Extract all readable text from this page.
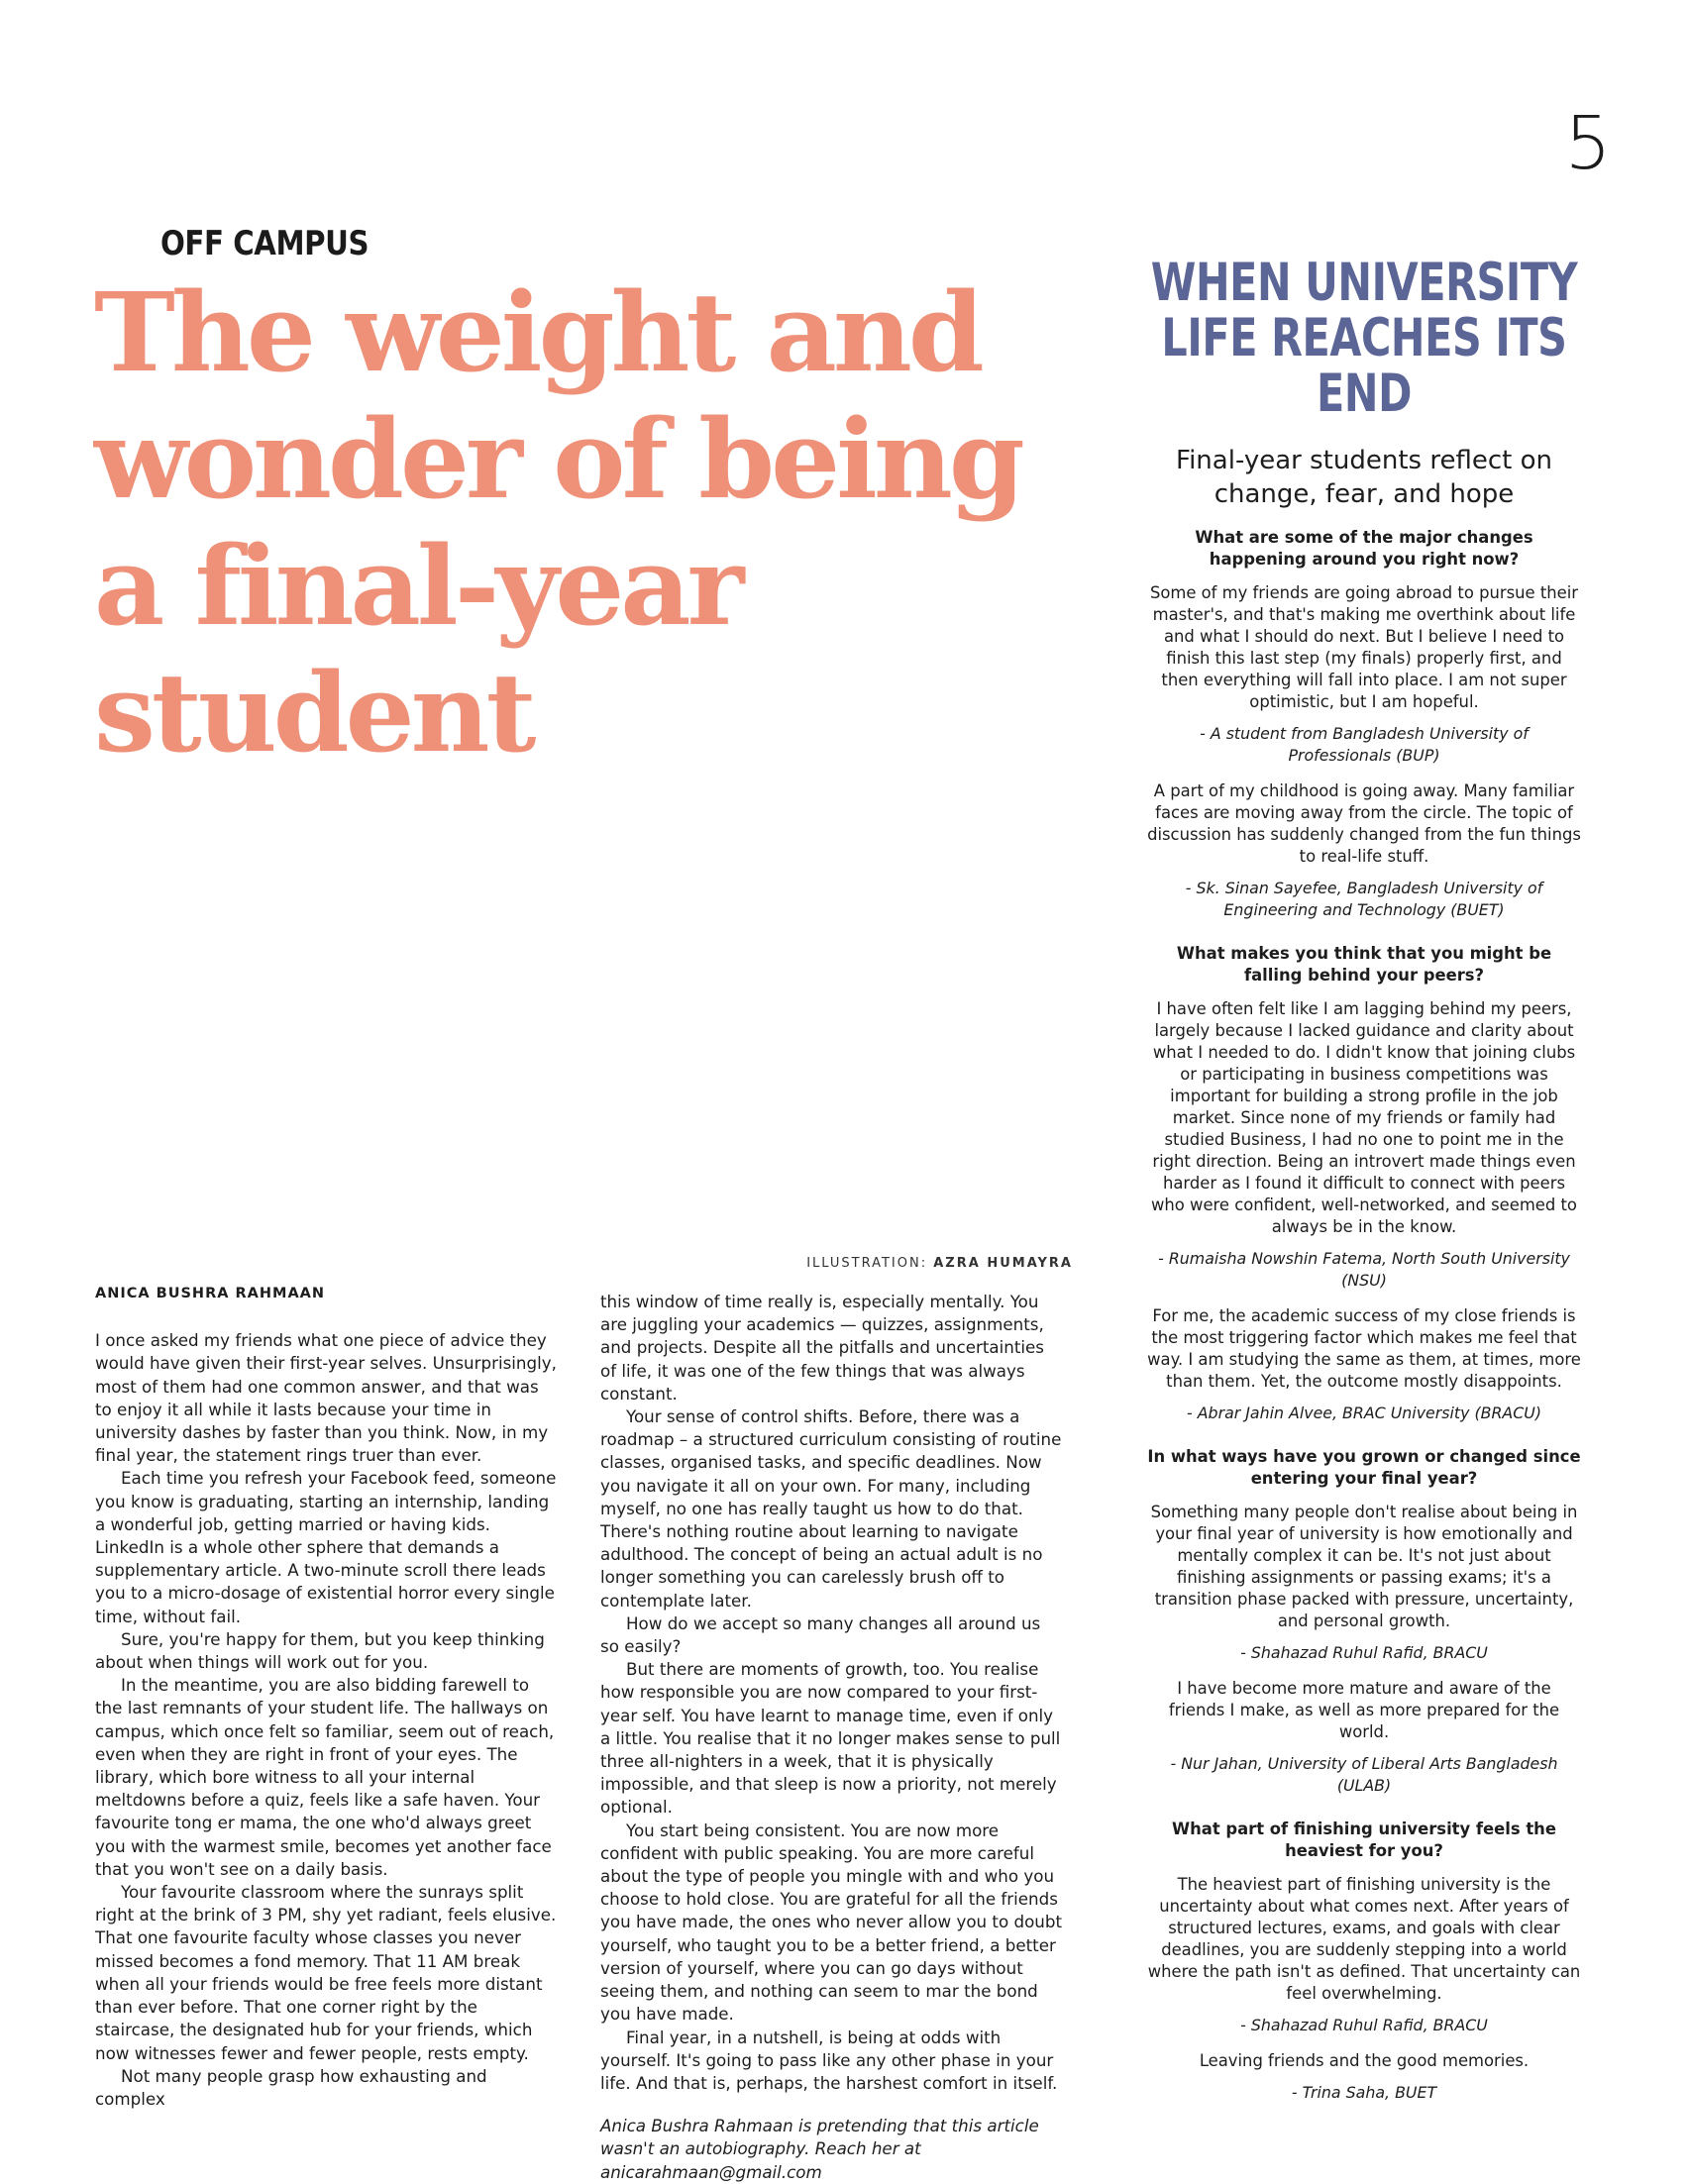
5
OFF CAMPUS
The weight and wonder of being a final-year student
ILLUSTRATION: AZRA HUMAYRA
ANICA BUSHRA RAHMAAN

I once asked my friends what one piece of advice they would have given their first-year selves. Unsurprisingly, most of them had one common answer, and that was to enjoy it all while it lasts because your time in university dashes by faster than you think. Now, in my final year, the statement rings truer than ever.

Each time you refresh your Facebook feed, someone you know is graduating, starting an internship, landing a wonderful job, getting married or having kids. LinkedIn is a whole other sphere that demands a supplementary article. A two-minute scroll there leads you to a micro-dosage of existential horror every single time, without fail.

Sure, you're happy for them, but you keep thinking about when things will work out for you.

In the meantime, you are also bidding farewell to the last remnants of your student life. The hallways on campus, which once felt so familiar, seem out of reach, even when they are right in front of your eyes. The library, which bore witness to all your internal meltdowns before a quiz, feels like a safe haven. Your favourite tong er mama, the one who'd always greet you with the warmest smile, becomes yet another face that you won't see on a daily basis.

Your favourite classroom where the sunrays split right at the brink of 3 PM, shy yet radiant, feels elusive. That one favourite faculty whose classes you never missed becomes a fond memory. That 11 AM break when all your friends would be free feels more distant than ever before. That one corner right by the staircase, the designated hub for your friends, which now witnesses fewer and fewer people, rests empty.

Not many people grasp how exhausting and complex

this window of time really is, especially mentally. You are juggling your academics — quizzes, assignments, and projects. Despite all the pitfalls and uncertainties of life, it was one of the few things that was always constant.

Your sense of control shifts. Before, there was a roadmap – a structured curriculum consisting of routine classes, organised tasks, and specific deadlines. Now you navigate it all on your own. For many, including myself, no one has really taught us how to do that. There's nothing routine about learning to navigate adulthood. The concept of being an actual adult is no longer something you can carelessly brush off to contemplate later.

How do we accept so many changes all around us so easily?

But there are moments of growth, too. You realise how responsible you are now compared to your first-year self. You have learnt to manage time, even if only a little. You realise that it no longer makes sense to pull three all-nighters in a week, that it is physically impossible, and that sleep is now a priority, not merely optional.

You start being consistent. You are now more confident with public speaking. You are more careful about the type of people you mingle with and who you choose to hold close. You are grateful for all the friends you have made, the ones who never allow you to doubt yourself, who taught you to be a better friend, a better version of yourself, where you can go days without seeing them, and nothing can seem to mar the bond you have made.

Final year, in a nutshell, is being at odds with yourself. It's going to pass like any other phase in your life. And that is, perhaps, the harshest comfort in itself.

Anica Bushra Rahmaan is pretending that this article wasn't an autobiography. Reach her at anicarahmaan@gmail.com

WHEN UNIVERSITY LIFE REACHES ITS END
Final-year students reflect on change, fear, and hope

What are some of the major changes happening around you right now?

Some of my friends are going abroad to pursue their master's, and that's making me overthink about life and what I should do next. But I believe I need to finish this last step (my finals) properly first, and then everything will fall into place. I am not super optimistic, but I am hopeful.

- A student from Bangladesh University of Professionals (BUP)

A part of my childhood is going away. Many familiar faces are moving away from the circle. The topic of discussion has suddenly changed from the fun things to real-life stuff.

- Sk. Sinan Sayefee, Bangladesh University of Engineering and Technology (BUET)

What makes you think that you might be falling behind your peers?

I have often felt like I am lagging behind my peers, largely because I lacked guidance and clarity about what I needed to do. I didn't know that joining clubs or participating in business competitions was important for building a strong profile in the job market. Since none of my friends or family had studied Business, I had no one to point me in the right direction. Being an introvert made things even harder as I found it difficult to connect with peers who were confident, well-networked, and seemed to always be in the know.

- Rumaisha Nowshin Fatema, North South University (NSU)

For me, the academic success of my close friends is the most triggering factor which makes me feel that way. I am studying the same as them, at times, more than them. Yet, the outcome mostly disappoints.

- Abrar Jahin Alvee, BRAC University (BRACU)

In what ways have you grown or changed since entering your final year?

Something many people don't realise about being in your final year of university is how emotionally and mentally complex it can be. It's not just about finishing assignments or passing exams; it's a transition phase packed with pressure, uncertainty, and personal growth.

- Shahazad Ruhul Rafid, BRACU

I have become more mature and aware of the friends I make, as well as more prepared for the world.

- Nur Jahan, University of Liberal Arts Bangladesh (ULAB)

What part of finishing university feels the heaviest for you?

The heaviest part of finishing university is the uncertainty about what comes next. After years of structured lectures, exams, and goals with clear deadlines, you are suddenly stepping into a world where the path isn't as defined. That uncertainty can feel overwhelming.

- Shahazad Ruhul Rafid, BRACU

Leaving friends and the good memories.

- Trina Saha, BUET
